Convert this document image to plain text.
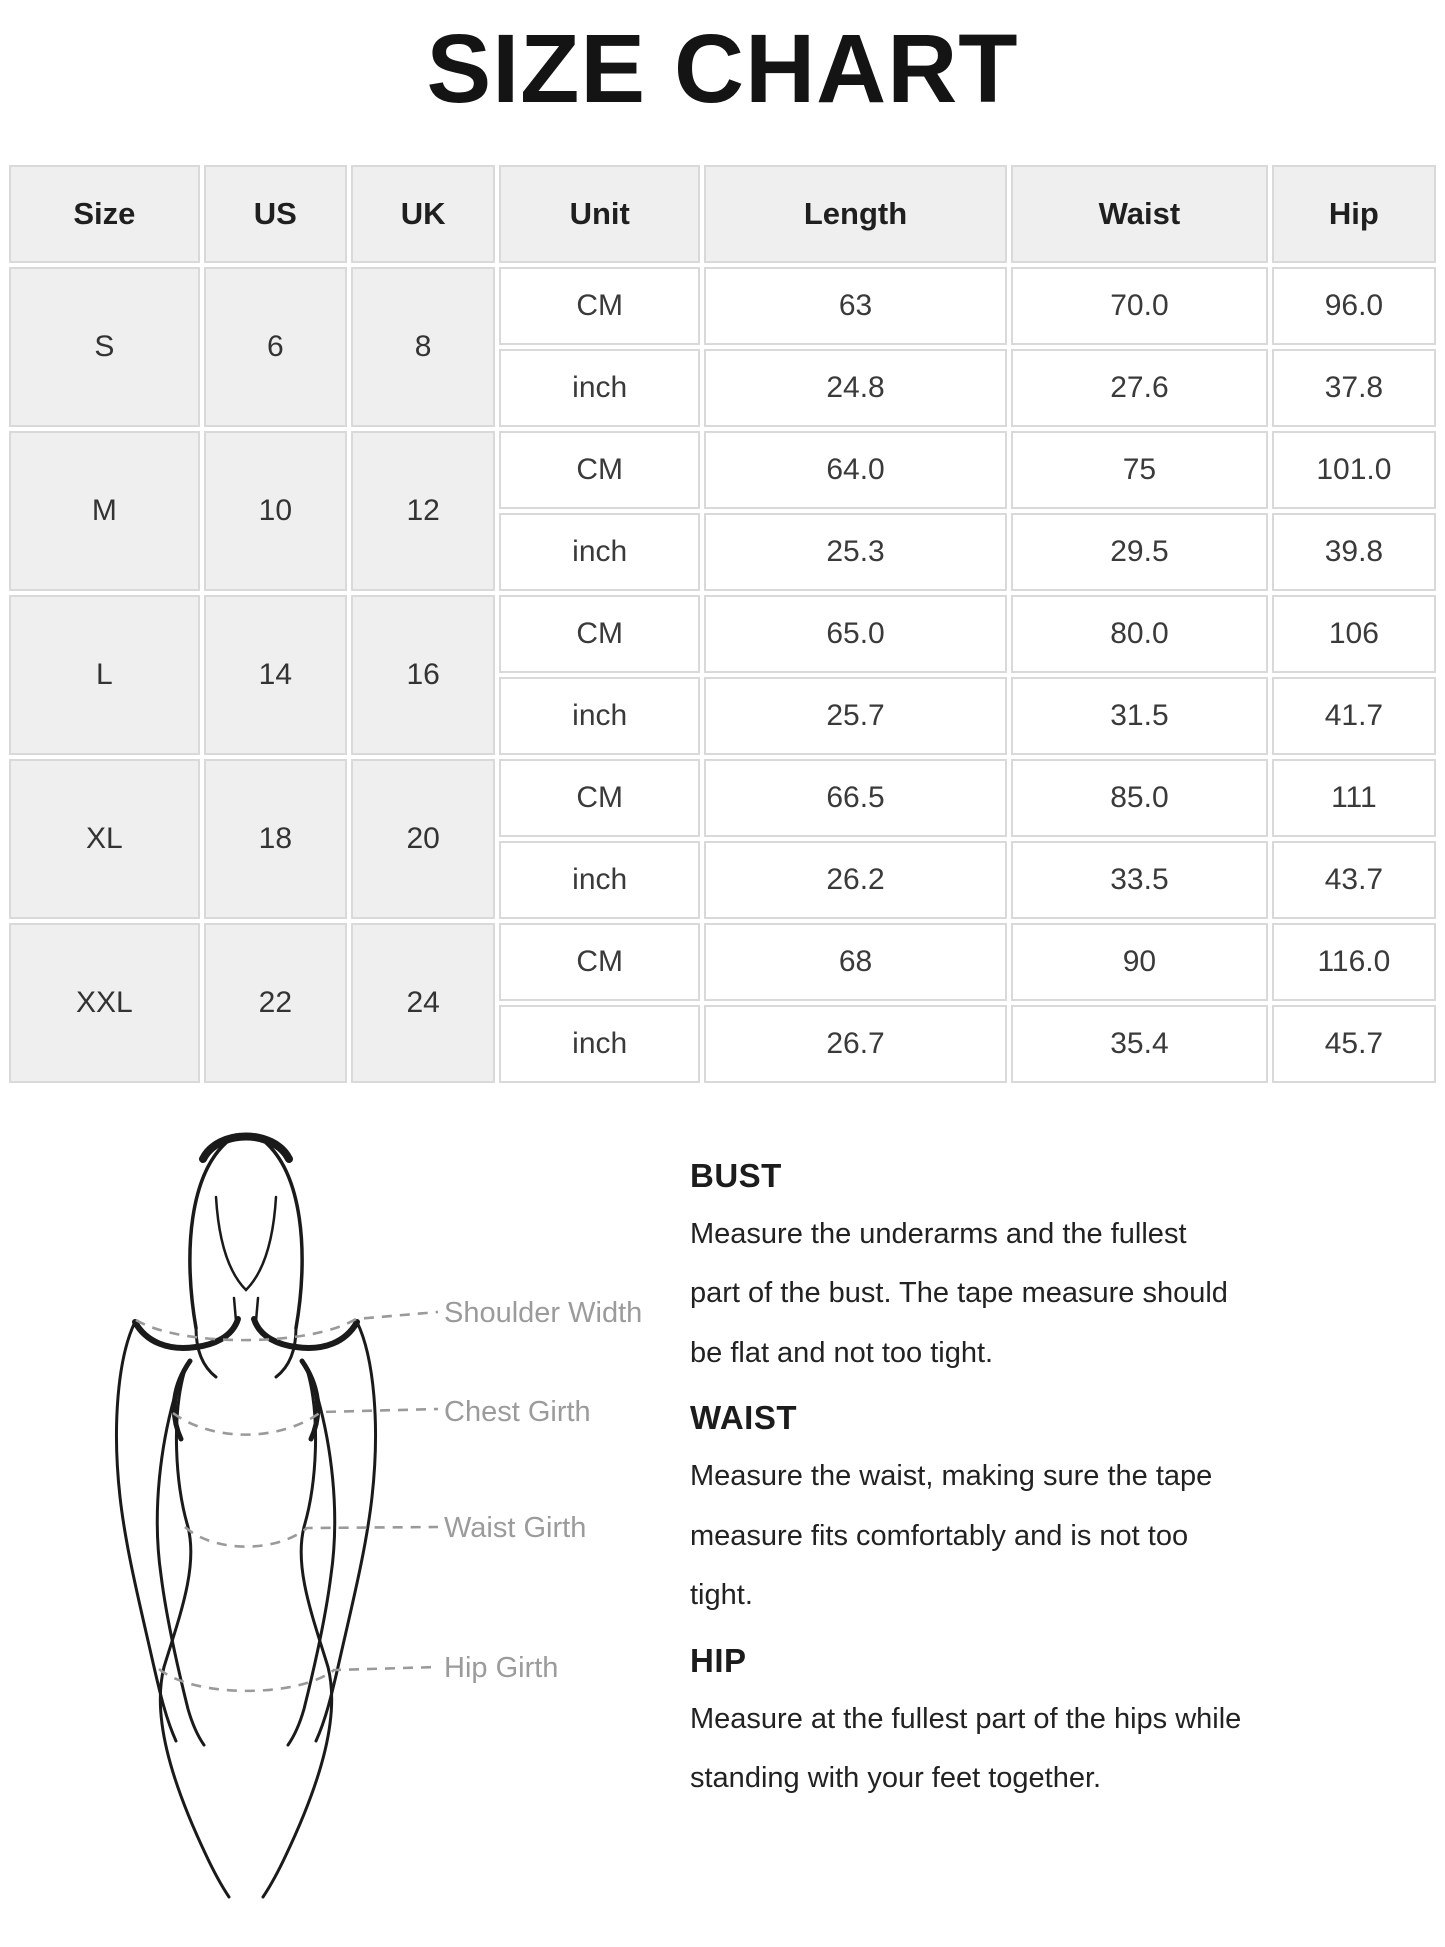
SIZE CHART
Size	US	UK	Unit	Length	Waist	Hip
S	6	8	CM	63	70.0	96.0
			inch	24.8	27.6	37.8
M	10	12	CM	64.0	75	101.0
			inch	25.3	29.5	39.8
L	14	16	CM	65.0	80.0	106
			inch	25.7	31.5	41.7
XL	18	20	CM	66.5	85.0	111
			inch	26.2	33.5	43.7
XXL	22	24	CM	68	90	116.0
			inch	26.7	35.4	45.7
Shoulder Width
Chest Girth
Waist Girth
Hip Girth

BUST

Measure the underarms and the fullest part of the bust. The tape measure should be flat and not too tight.

WAIST

Measure the waist, making sure the tape measure fits comfortably and is not too tight.

HIP

Measure at the fullest part of the hips while standing with your feet together.
